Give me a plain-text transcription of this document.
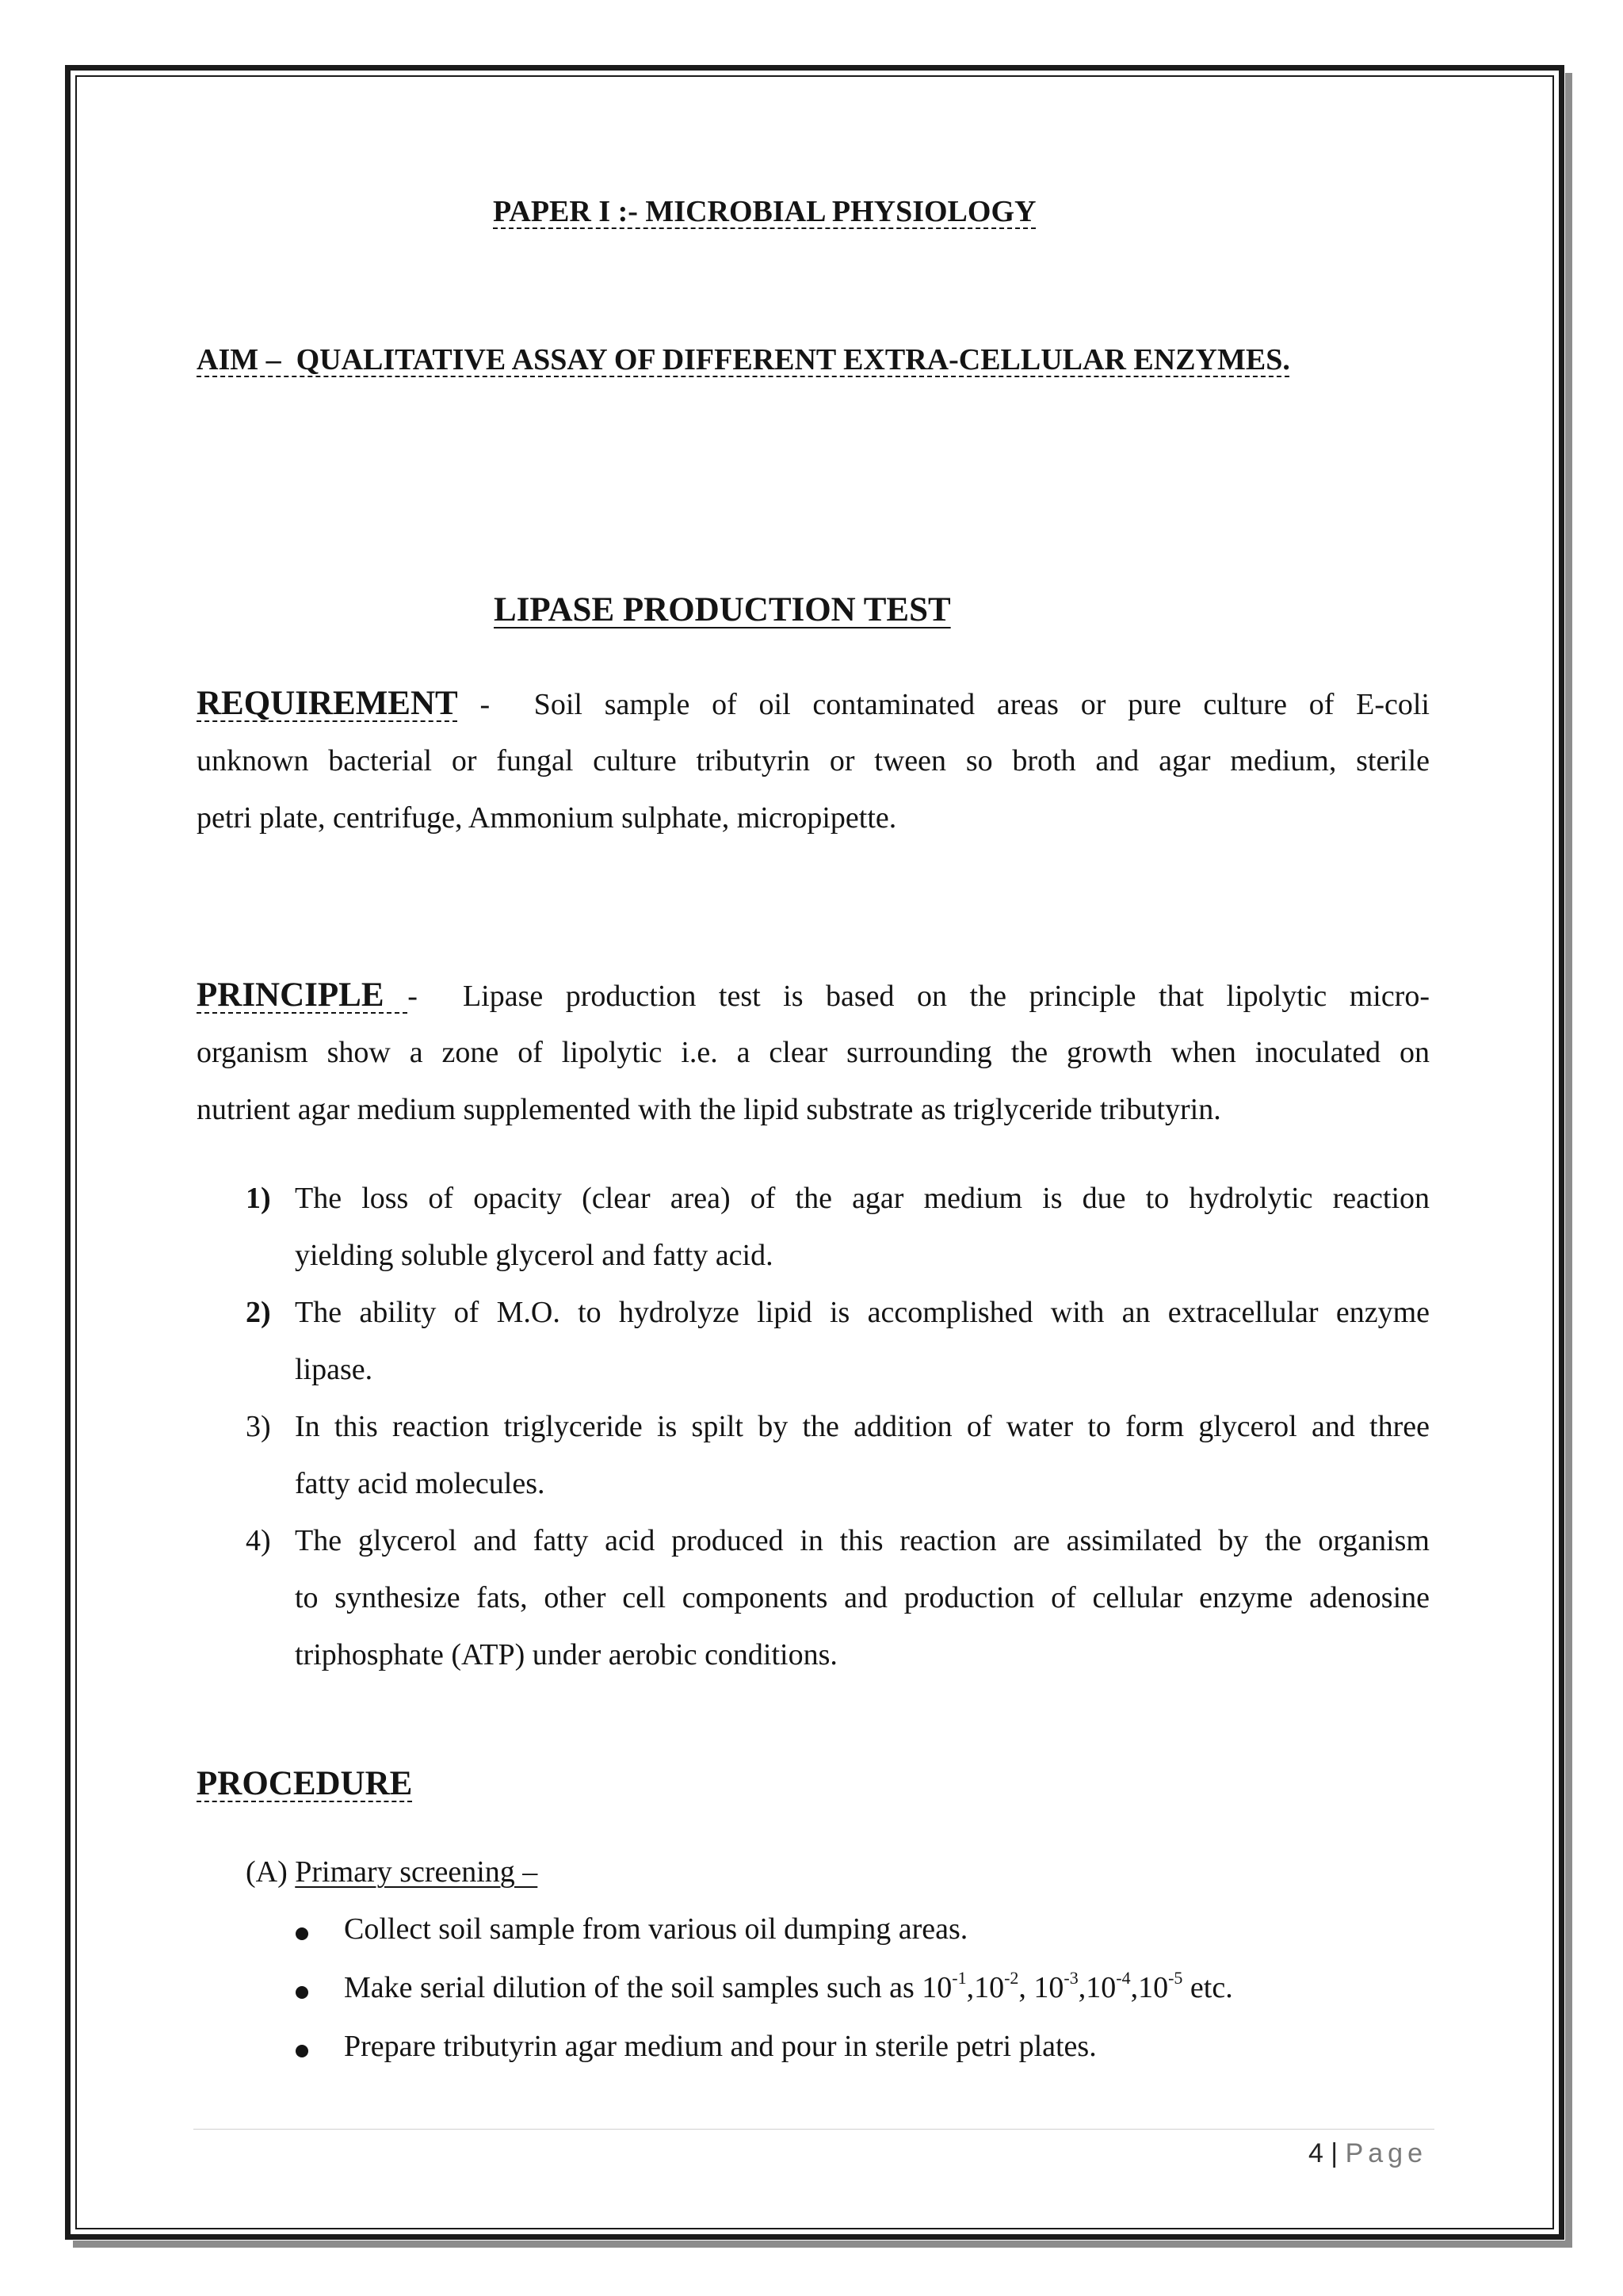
PAPER I :- MICROBIAL PHYSIOLOGY
AIM –  QUALITATIVE ASSAY OF DIFFERENT EXTRA-CELLULAR ENZYMES.
LIPASE PRODUCTION TEST
REQUIREMENT -  Soil sample of oil contaminated areas or pure culture of E-coli
unknown bacterial or fungal culture tributyrin or tween so broth and agar medium, sterile
petri plate, centrifuge, Ammonium sulphate, micropipette.
PRINCIPLE -  Lipase production test is based on the principle that lipolytic micro-
organism show a zone of lipolytic i.e. a clear surrounding the growth when inoculated on
nutrient agar medium supplemented with the lipid substrate as triglyceride tributyrin.
1) The loss of opacity (clear area) of the agar medium is due to hydrolytic reaction
yielding soluble glycerol and fatty acid.
2) The ability of M.O. to hydrolyze lipid is accomplished with an extracellular enzyme
lipase.
3) In this reaction triglyceride is spilt by the addition of water to form glycerol and three
fatty acid molecules.
4) The glycerol and fatty acid produced in this reaction are assimilated by the organism
to synthesize fats, other cell components and production of cellular enzyme adenosine
triphosphate (ATP) under aerobic conditions.
PROCEDURE
(A) Primary screening –
Collect soil sample from various oil dumping areas.
Make serial dilution of the soil samples such as $10^{-1},10^{-2}$, $10^{-3},10^{-4},10^{-5}$ etc.
Prepare tributyrin agar medium and pour in sterile petri plates.
4 | Page
